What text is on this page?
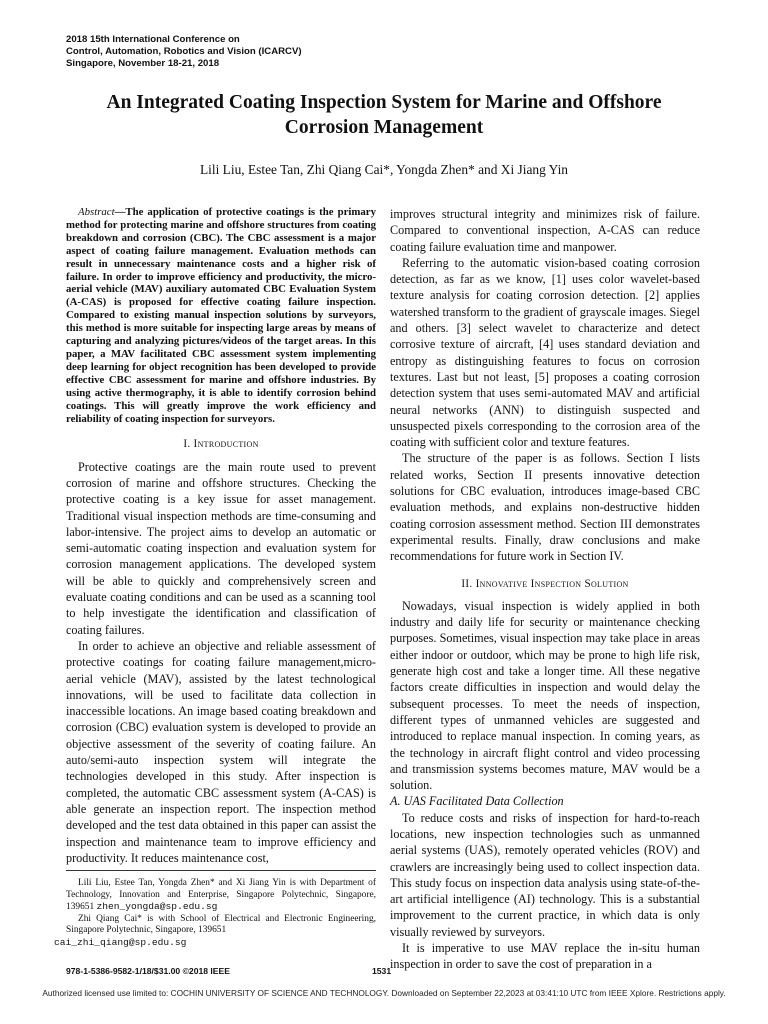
2018 15th International Conference on
Control, Automation, Robotics and Vision (ICARCV)
Singapore, November 18-21, 2018
An Integrated Coating Inspection System for Marine and Offshore
Corrosion Management
Lili Liu, Estee Tan, Zhi Qiang Cai*, Yongda Zhen* and Xi Jiang Yin

Abstract—The application of protective coatings is the primary method for protecting marine and offshore structures from coating breakdown and corrosion (CBC). The CBC assessment is a major aspect of coating failure management. Evaluation methods can result in unnecessary maintenance costs and a higher risk of failure. In order to improve efficiency and productivity, the micro-aerial vehicle (MAV) auxiliary automated CBC Evaluation System (A-CAS) is proposed for effective coating failure inspection. Compared to existing manual inspection solutions by surveyors, this method is more suitable for inspecting large areas by means of capturing and analyzing pictures/videos of the target areas. In this paper, a MAV facilitated CBC assessment system implementing deep learning for object recognition has been developed to provide effective CBC assessment for marine and offshore industries. By using active thermography, it is able to identify corrosion behind coatings. This will greatly improve the work efficiency and reliability of coating inspection for surveyors.

I. Introduction

Protective coatings are the main route used to prevent corrosion of marine and offshore structures. Checking the protective coating is a key issue for asset management. Traditional visual inspection methods are time-consuming and labor-intensive. The project aims to develop an automatic or semi-automatic coating inspection and evaluation system for corrosion management applications. The developed system will be able to quickly and comprehensively screen and evaluate coating conditions and can be used as a scanning tool to help investigate the identification and classification of coating failures.

In order to achieve an objective and reliable assessment of protective coatings for coating failure management,micro-aerial vehicle (MAV), assisted by the latest technological innovations, will be used to facilitate data collection in inaccessible locations. An image based coating breakdown and corrosion (CBC) evaluation system is developed to provide an objective assessment of the severity of coating failure. An auto/semi-auto inspection system will integrate the technologies developed in this study. After inspection is completed, the automatic CBC assessment system (A-CAS) is able generate an inspection report. The inspection method developed and the test data obtained in this paper can assist the inspection and maintenance team to improve efficiency and productivity. It reduces maintenance cost,

Lili Liu, Estee Tan, Yongda Zhen* and Xi Jiang Yin is with Department of Technology, Innovation and Enterprise, Singapore Polytechnic, Singapore, 139651 zhen_yongda@sp.edu.sg

Zhi Qiang Cai* is with School of Electrical and Electronic Engineering, Singapore Polytechnic, Singapore, 139651
cai_zhi_qiang@sp.edu.sg

improves structural integrity and minimizes risk of failure. Compared to conventional inspection, A-CAS can reduce coating failure evaluation time and manpower.

Referring to the automatic vision-based coating corrosion detection, as far as we know, [1] uses color wavelet-based texture analysis for coating corrosion detection. [2] applies watershed transform to the gradient of grayscale images. Siegel and others. [3] select wavelet to characterize and detect corrosive texture of aircraft, [4] uses standard deviation and entropy as distinguishing features to focus on corrosion textures. Last but not least, [5] proposes a coating corrosion detection system that uses semi-automated MAV and artificial neural networks (ANN) to distinguish suspected and unsuspected pixels corresponding to the corrosion area of the coating with sufficient color and texture features.

The structure of the paper is as follows. Section I lists related works, Section II presents innovative detection solutions for CBC evaluation, introduces image-based CBC evaluation methods, and explains non-destructive hidden coating corrosion assessment method. Section III demonstrates experimental results. Finally, draw conclusions and make recommendations for future work in Section IV.

II. Innovative Inspection Solution

Nowadays, visual inspection is widely applied in both industry and daily life for security or maintenance checking purposes. Sometimes, visual inspection may take place in areas either indoor or outdoor, which may be prone to high life risk, generate high cost and take a longer time. All these negative factors create difficulties in inspection and would delay the subsequent processes. To meet the needs of inspection, different types of unmanned vehicles are suggested and introduced to replace manual inspection. In coming years, as the technology in aircraft flight control and video processing and transmission systems becomes mature, MAV would be a solution.

A. UAS Facilitated Data Collection

To reduce costs and risks of inspection for hard-to-reach locations, new inspection technologies such as unmanned aerial systems (UAS), remotely operated vehicles (ROV) and crawlers are increasingly being used to collect inspection data. This study focus on inspection data analysis using state-of-the-art artificial intelligence (AI) technology. This is a substantial improvement to the current practice, in which data is only visually reviewed by surveyors.

It is imperative to use MAV replace the in-situ human inspection in order to save the cost of preparation in a

978-1-5386-9582-1/18/$31.00 ©2018 IEEE	1531
Authorized licensed use limited to: COCHIN UNIVERSITY OF SCIENCE AND TECHNOLOGY. Downloaded on September 22,2023 at 03:41:10 UTC from IEEE Xplore. Restrictions apply.
